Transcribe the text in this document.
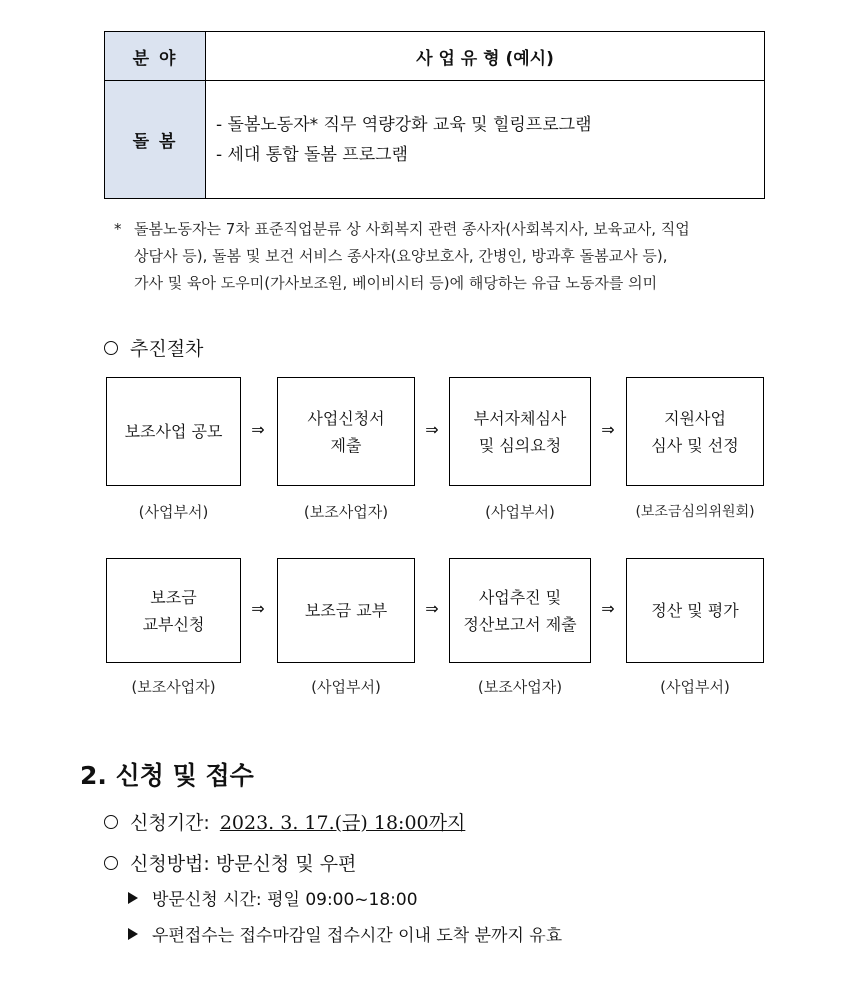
분 야	사 업 유 형 (예시)
돌 봄	- 돌봄노동자* 직무 역량강화 교육 및 힐링프로그램
- 세대 통합 돌봄 프로그램
* 돌봄노동자는 7차 표준직업분류 상 사회복지 관련 종사자(사회복지사, 보육교사, 직업
상담사 등), 돌봄 및 보건 서비스 종사자(요양보호사, 간병인, 방과후 돌봄교사 등),
가사 및 육아 도우미(가사보조원, 베이비시터 등)에 해당하는 유급 노동자를 의미
추진절차
보조사업 공모 ⇒
사업신청서
제출
⇒
부서자체심사
및 심의요청
⇒
지원사업
심사 및 선정
(사업부서)	(보조사업자)	(사업부서)	(보조금심의위원회)
보조금
교부신청
⇒	보조금 교부 ⇒
사업추진 및
정산보고서 제출
⇒ 정산 및 평가
(보조사업자)	(사업부서)	(보조사업자)	(사업부서)
2. 신청 및 접수
신청기간: 2023. 3. 17.(금) 18:00까지
신청방법: 방문신청 및 우편
방문신청 시간: 평일 09:00~18:00
우편접수는 접수마감일 접수시간 이내 도착 분까지 유효
